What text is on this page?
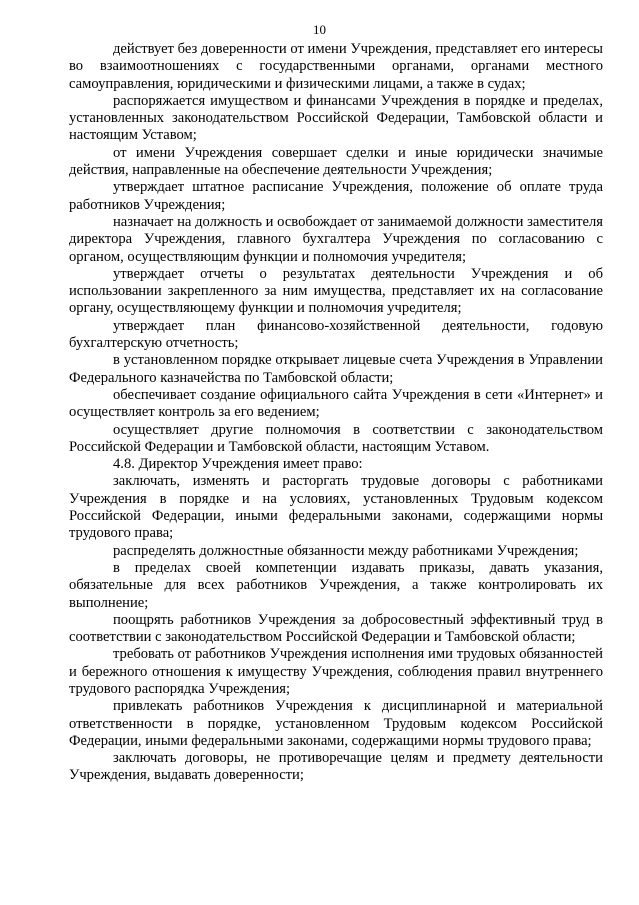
10

действует без доверенности от имени Учреждения, представляет его интересы во взаимоотношениях с государственными органами, органами местного самоуправления, юридическими и физическими лицами, а также в судах;

распоряжается имуществом и финансами Учреждения в порядке и пределах, установленных законодательством Российской Федерации, Тамбовской области и настоящим Уставом;

от имени Учреждения совершает сделки и иные юридически значимые действия, направленные на обеспечение деятельности Учреждения;

утверждает штатное расписание Учреждения, положение об оплате труда работников Учреждения;

назначает на должность и освобождает от занимаемой должности заместителя директора Учреждения, главного бухгалтера Учреждения по согласованию с органом, осуществляющим функции и полномочия учредителя;

утверждает отчеты о результатах деятельности Учреждения и об использовании закрепленного за ним имущества, представляет их на согласование органу, осуществляющему функции и полномочия учредителя;

утверждает план финансово-хозяйственной деятельности, годовую бухгалтерскую отчетность;

в установленном порядке открывает лицевые счета Учреждения в Управлении Федерального казначейства по Тамбовской области;

обеспечивает создание официального сайта Учреждения в сети «Интернет» и осуществляет контроль за его ведением;

осуществляет другие полномочия в соответствии с законодательством Российской Федерации и Тамбовской области, настоящим Уставом.

4.8. Директор Учреждения имеет право:

заключать, изменять и расторгать трудовые договоры с работниками Учреждения в порядке и на условиях, установленных Трудовым кодексом Российской Федерации, иными федеральными законами, содержащими нормы трудового права;

распределять должностные обязанности между работниками Учреждения;

в пределах своей компетенции издавать приказы, давать указания, обязательные для всех работников Учреждения, а также контролировать их выполнение;

поощрять работников Учреждения за добросовестный эффективный труд в соответствии с законодательством Российской Федерации и Тамбовской области;

требовать от работников Учреждения исполнения ими трудовых обязанностей и бережного отношения к имуществу Учреждения, соблюдения правил внутреннего трудового распорядка Учреждения;

привлекать работников Учреждения к дисциплинарной и материальной ответственности в порядке, установленном Трудовым кодексом Российской Федерации, иными федеральными законами, содержащими нормы трудового права;

заключать договоры, не противоречащие целям и предмету деятельности Учреждения, выдавать доверенности;
